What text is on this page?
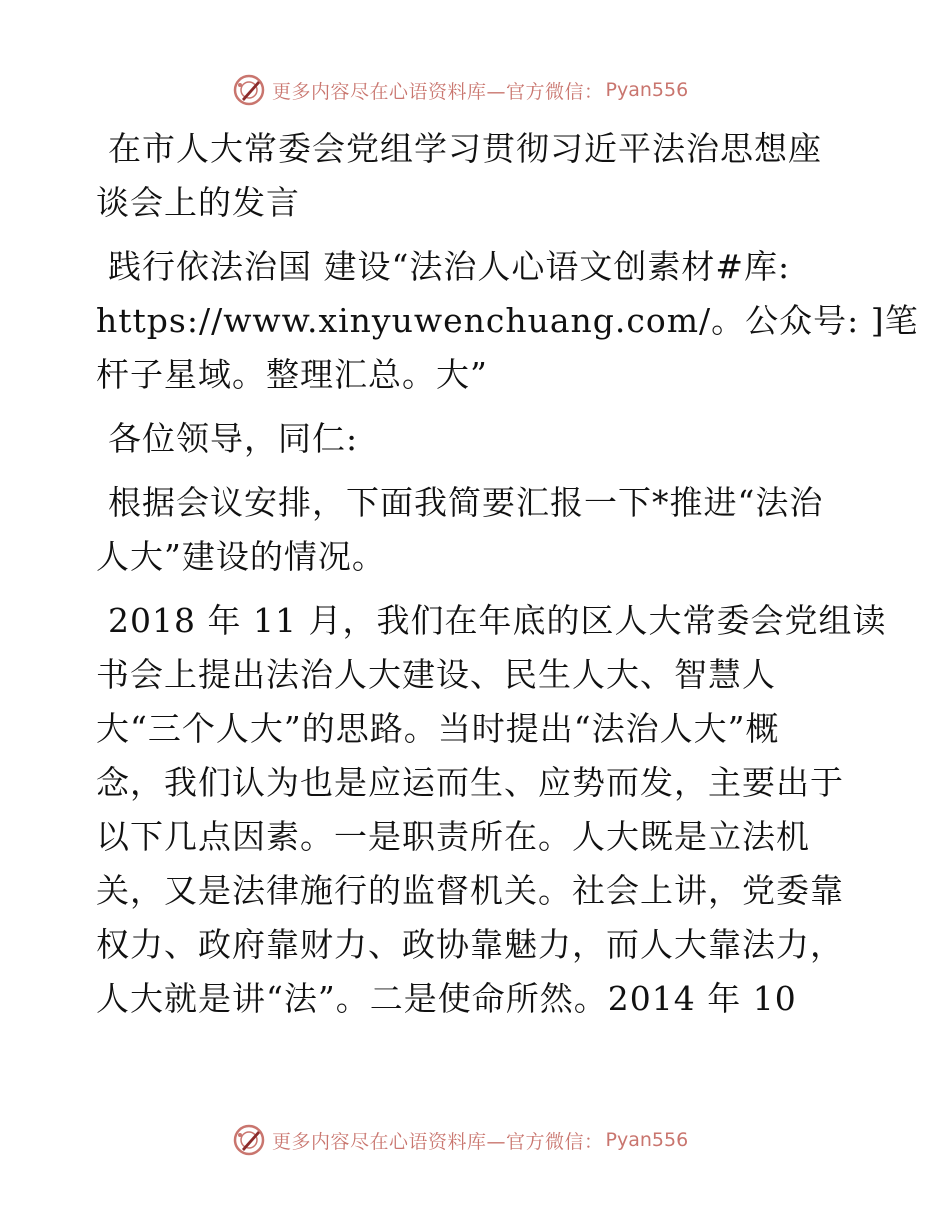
更多内容尽在心语资料库—官方微信： Pyan556
在市人大常委会党组学习贯彻习近平法治思想座
谈会上的发言
践行依法治国 建设“法治人心语文创素材#库:
https://www.xinyuwenchuang.com/。公众号: ]笔
杆子星域。整理汇总。大”
各位领导，同仁:
根据会议安排，下面我简要汇报一下*推进“法治
人大”建设的情况。
2018 年 11 月，我们在年底的区人大常委会党组读
书会上提出法治人大建设、民生人大、智慧人
大“三个人大”的思路。当时提出“法治人大”概
念，我们认为也是应运而生、应势而发，主要出于
以下几点因素。一是职责所在。人大既是立法机
关，又是法律施行的监督机关。社会上讲，党委靠
权力、政府靠财力、政协靠魅力，而人大靠法力，
人大就是讲“法”。二是使命所然。2014 年 10
更多内容尽在心语资料库—官方微信： Pyan556
